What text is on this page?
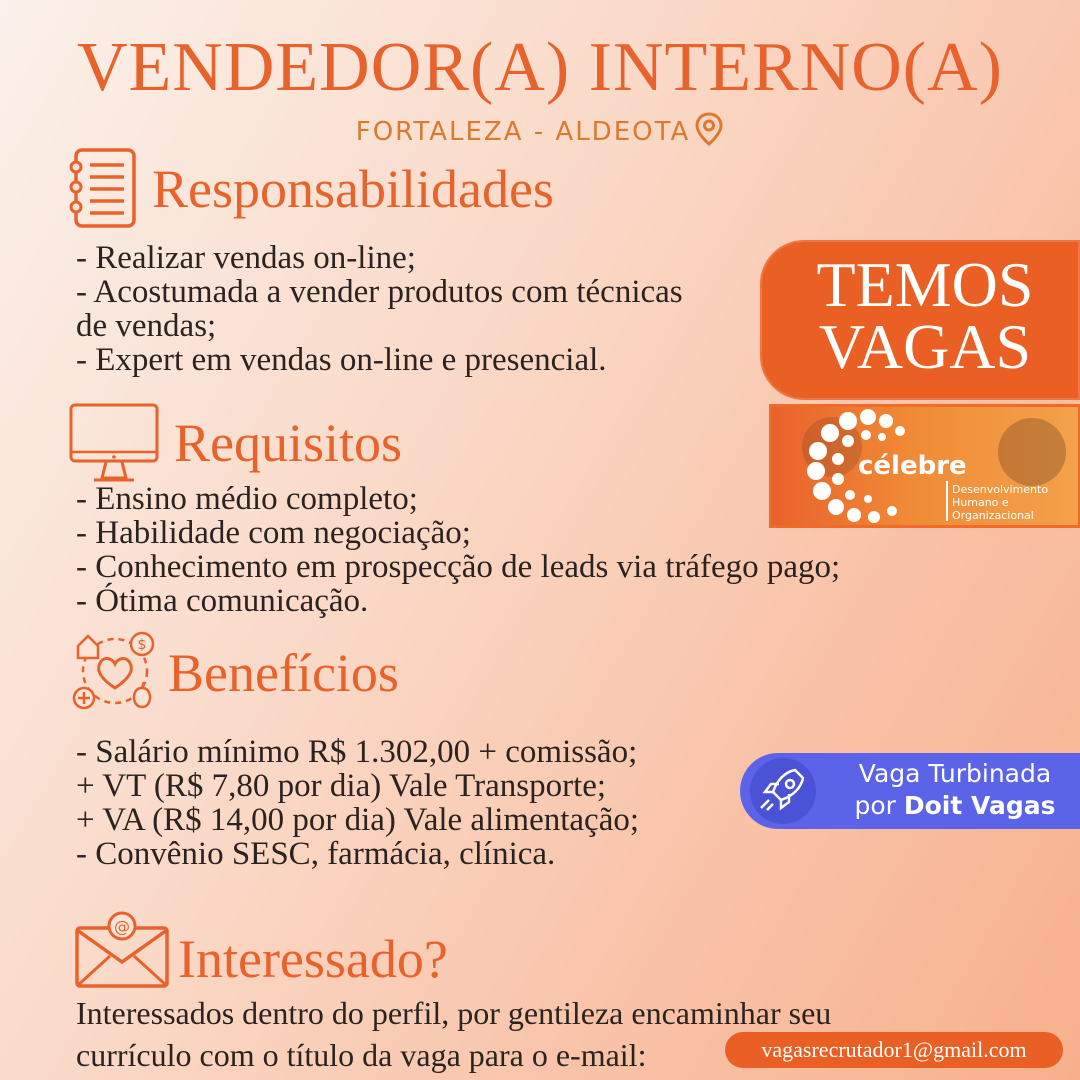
VENDEDOR(A) INTERNO(A)
FORTALEZA - ALDEOTA
Responsabilidades
- Realizar vendas on-line;
- Acostumada a vender produtos com técnicas
de vendas;
- Expert em vendas on-line e presencial.
Requisitos
- Ensino médio completo;
- Habilidade com negociação;
- Conhecimento em prospecção de leads via tráfego pago;
- Ótima comunicação.
$ Benefícios
- Salário mínimo R$ 1.302,00 + comissão;
+ VT (R$ 7,80 por dia) Vale Transporte;
+ VA (R$ 14,00 por dia) Vale alimentação;
- Convênio SESC, farmácia, clínica.
@
Interessado?
Interessados dentro do perfil, por gentileza encaminhar seu
currículo com o título da vaga para o e-mail:	vagasrecrutador1@gmail.com
TEMOS
VAGAS
célebre
Desenvolvimento
Humano e
Organizacional
Vaga Turbinada
por Doit Vagas
